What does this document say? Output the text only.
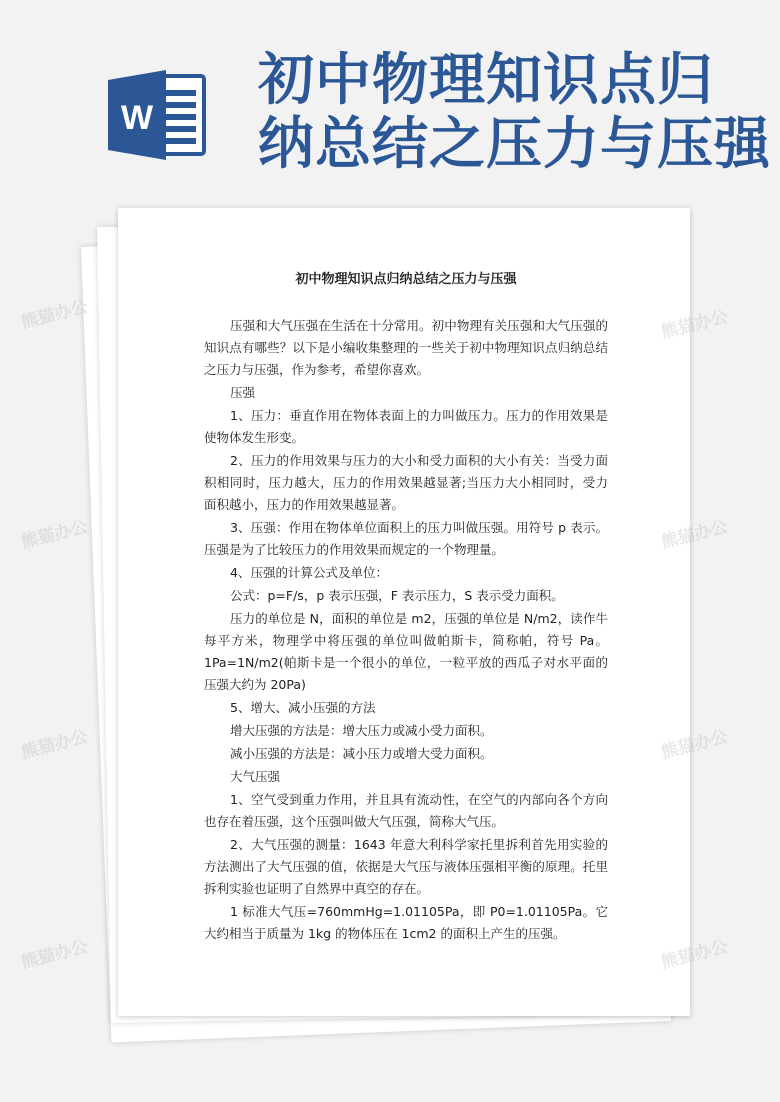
W
初中物理知识点归
纳总结之压力与压强
初中物理知识点归纳总结之压力与压强

压强和大气压强在生活在十分常用。初中物理有关压强和大气压强的知识点有哪些？以下是小编收集整理的一些关于初中物理知识点归纳总结之压力与压强，作为参考，希望你喜欢。

压强

1、压力：垂直作用在物体表面上的力叫做压力。压力的作用效果是使物体发生形变。

2、压力的作用效果与压力的大小和受力面积的大小有关：当受力面积相同时，压力越大，压力的作用效果越显著;当压力大小相同时，受力面积越小，压力的作用效果越显著。

3、压强：作用在物体单位面积上的压力叫做压强。用符号 p 表示。压强是为了比较压力的作用效果而规定的一个物理量。

4、压强的计算公式及单位：

公式：p=F/s，p 表示压强，F 表示压力，S 表示受力面积。

压力的单位是 N，面积的单位是 m2，压强的单位是 N/m2，读作牛每平方米，物理学中将压强的单位叫做帕斯卡，简称帕，符号 Pa。1Pa=1N/m2(帕斯卡是一个很小的单位，一粒平放的西瓜子对水平面的压强大约为 20Pa)

5、增大、减小压强的方法

增大压强的方法是：增大压力或减小受力面积。

减小压强的方法是：减小压力或增大受力面积。

大气压强

1、空气受到重力作用，并且具有流动性，在空气的内部向各个方向也存在着压强，这个压强叫做大气压强，简称大气压。

2、大气压强的测量：1643 年意大利科学家托里拆利首先用实验的方法测出了大气压强的值，依据是大气压与液体压强相平衡的原理。托里拆利实验也证明了自然界中真空的存在。

1 标准大气压=760mmHg=1.01105Pa，即 P0=1.01105Pa。它大约相当于质量为 1kg 的物体压在 1cm2 的面积上产生的压强。

熊猫办公	熊猫办公
熊猫办公	熊猫办公
熊猫办公	熊猫办公
熊猫办公	熊猫办公
